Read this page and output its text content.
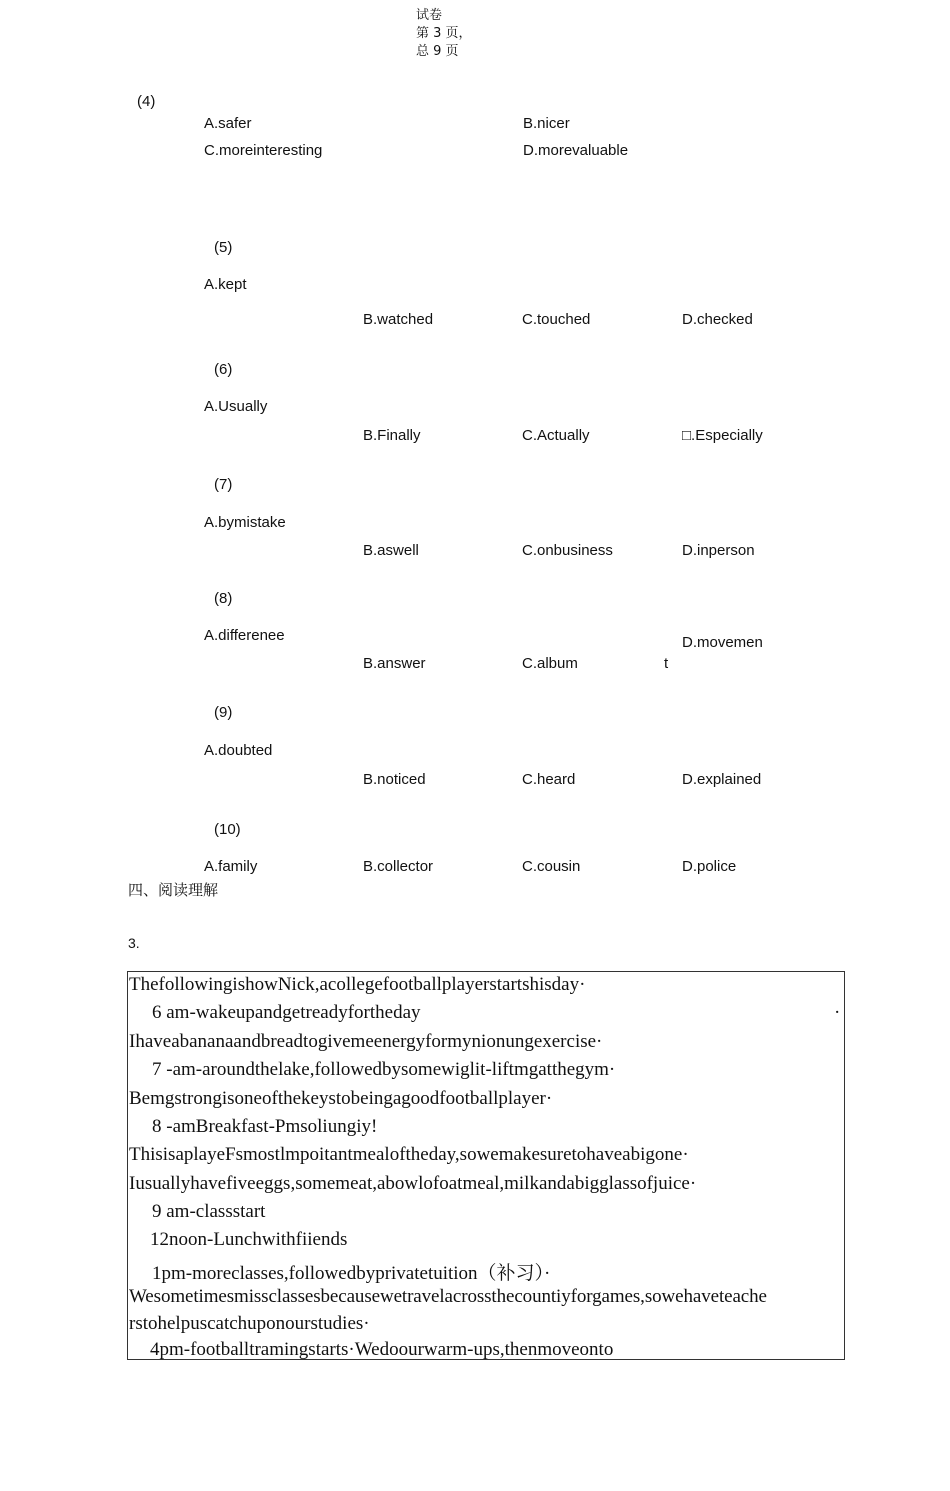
试卷
第 3 页，
总 9 页
(4)
A.safer	B.nicer
C.moreinteresting	D.morevaluable
(5)
A.kept
B.watched	C.touched	D.checked
(6)
A.Usually
B.Finally	C.Actually	□.Especially
(7)
A.bymistake
B.aswell	C.onbusiness	D.inperson
(8)
A.differenee
B.answer	C.album
D.movemen
t
(9)
A.doubted
B.noticed	C.heard	D.explained
(10)
A.family	B.collector	C.cousin	D.police
四、阅读理解
3.
ThefollowingishowNick,acollegefootballplayerstartshisday·
6 am-wakeupandgetreadyfortheday	·
Ihaveabananaandbreadtogivemeenergyformynionungexercise·
7 -am-aroundthelake,followedbysomewiglit-liftmgatthegym·
Bemgstrongisoneofthekeystobeingagoodfootballplayer·
8 -amBreakfast-Pmsoliungiy!
ThisisaplayeFsmostlmpoitantmealoftheday,sowemakesuretohaveabigone·
Iusuallyhavefiveeggs,somemeat,abowlofoatmeal,milkandabigglassofjuice·
9 am-classstart
12noon-Lunchwithfiiends
1pm-moreclasses,followedbyprivatetuition（补习）·
Wesometimesmissclassesbecausewetravelacrossthecountiyforgames,sowehaveteache
rstohelpuscatchuponourstudies·
4pm-footballtramingstarts·Wedoourwarm-ups,thenmoveonto
